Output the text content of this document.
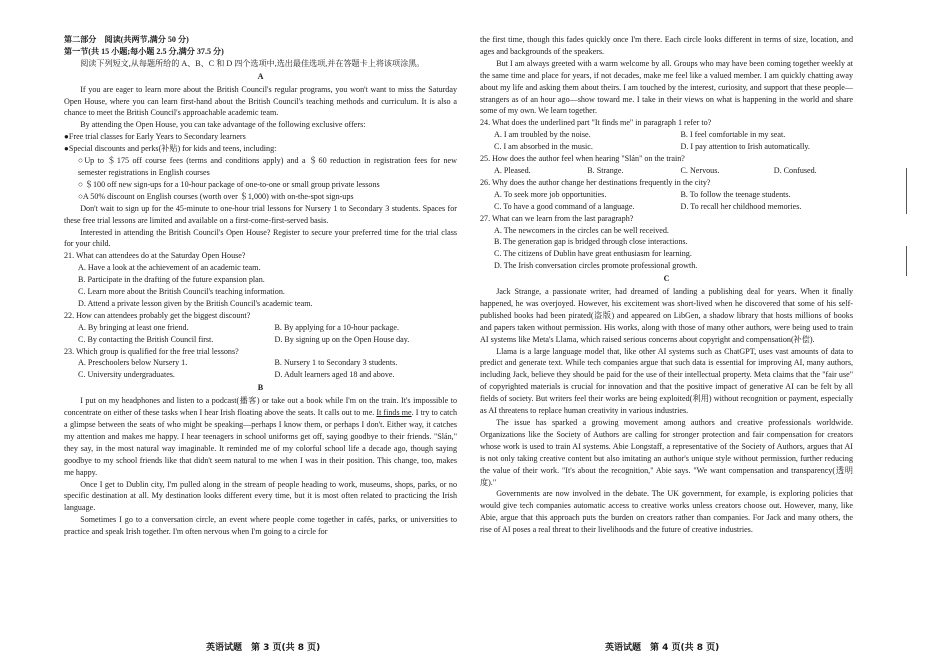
第二部分　阅读(共两节,满分 50 分)

第一节(共 15 小题;每小题 2.5 分,满分 37.5 分)

阅读下列短文,从每题所给的 A、B、C 和 D 四个选项中,选出最佳选项,并在答题卡上将该项涂黑。

A

If you are eager to learn more about the British Council's regular programs, you won't want to miss the Saturday Open House, where you can learn first-hand about the British Council's teaching methods and curriculum. It is also a chance to meet the British Council's approachable academic team.

By attending the Open House, you can take advantage of the following exclusive offers:

●Free trial classes for Early Years to Secondary learners

●Special discounts and perks(补贴) for kids and teens, including:

○Up to ＄175 off course fees (terms and conditions apply) and a ＄60 reduction in registration fees for new semester registrations in English courses

○ ＄100 off new sign-ups for a 10-hour package of one-to-one or small group private lessons

○A 50% discount on English courses (worth over ＄1,000) with on-the-spot sign-ups

Don't wait to sign up for the 45-minute to one-hour trial lessons for Nursery 1 to Secondary 3 students. Spaces for these free trial lessons are limited and available on a first-come-first-served basis.

Interested in attending the British Council's Open House? Register to secure your preferred time for the trial class for your child.

21. What can attendees do at the Saturday Open House?

A. Have a look at the achievement of an academic team.

B. Participate in the drafting of the future expansion plan.

C. Learn more about the British Council's teaching information.

D. Attend a private lesson given by the British Council's academic team.

22. How can attendees probably get the biggest discount?

A. By bringing at least one friend.	B. By applying for a 10-hour package.
C. By contacting the British Council first.	D. By signing up on the Open House day.

23. Which group is qualified for the free trial lessons?

A. Preschoolers below Nursery 1.	B. Nursery 1 to Secondary 3 students.
C. University undergraduates.	D. Adult learners aged 18 and above.

B

I put on my headphones and listen to a podcast(播客) or take out a book while I'm on the train. It's impossible to concentrate on either of these tasks when I hear Irish floating above the seats. It calls out to me. It finds me. I try to catch a glimpse between the seats of who might be speaking—perhaps I know them, or perhaps I don't. Either way, it catches my attention and makes me happy. I hear teenagers in school uniforms get off, saying goodbye to their friends. "Slán," they say, in the most natural way imaginable. It reminded me of my colorful school life a decade ago, though saying goodbye to my school friends like that didn't seem natural to me when I was in their position. This change, too, makes me happy.

Once I get to Dublin city, I'm pulled along in the stream of people heading to work, museums, shops, parks, or no specific destination at all. My destination looks different every time, but it is most often related to practicing the Irish language.

Sometimes I go to a conversation circle, an event where people come together in cafés, parks, or universities to practice and speak Irish together. I'm often nervous when I'm going to a circle for

the first time, though this fades quickly once I'm there. Each circle looks different in terms of size, location, and ages and backgrounds of the speakers.

But I am always greeted with a warm welcome by all. Groups who may have been coming together weekly at the same time and place for years, if not decades, make me feel like a valued member. I am quickly chatting away about my life and asking them about theirs. I am touched by the interest, curiosity, and support that these people—strangers as of an hour ago—show toward me. I take in their views on what is happening in the world and share some of my own. We learn together.

24. What does the underlined part "It finds me" in paragraph 1 refer to?

A. I am troubled by the noise.	B. I feel comfortable in my seat.
C. I am absorbed in the music.	D. I pay attention to Irish automatically.

25. How does the author feel when hearing "Slán" on the train?

A. Pleased.	B. Strange.	C. Nervous.	D. Confused.

26. Why does the author change her destinations frequently in the city?

A. To seek more job opportunities.	B. To follow the teenage students.
C. To have a good command of a language.	D. To recall her childhood memories.

27. What can we learn from the last paragraph?

A. The newcomers in the circles can be well received.

B. The generation gap is bridged through close interactions.

C. The citizens of Dublin have great enthusiasm for learning.

D. The Irish conversation circles promote professional growth.

C

Jack Strange, a passionate writer, had dreamed of landing a publishing deal for years. When it finally happened, he was overjoyed. However, his excitement was short-lived when he discovered that some of his self-published books had been pirated(盗版) and appeared on LibGen, a shadow library that hosts millions of books and papers taken without permission. His works, along with those of many other authors, were being used to train AI systems like Meta's Llama, which raised serious concerns about copyright and compensation(补偿).

Llama is a large language model that, like other AI systems such as ChatGPT, uses vast amounts of data to predict and generate text. While tech companies argue that such data is essential for improving AI, many authors, including Jack, believe they should be paid for the use of their intellectual property. Meta claims that the "fair use" of copyrighted materials is crucial for innovation and that the positive impact of generative AI can be felt by all fields of society. But writers feel their works are being exploited(利用) without recognition or payment, especially as AI threatens to replace human creativity in various industries.

The issue has sparked a growing movement among authors and creative professionals worldwide. Organizations like the Society of Authors are calling for stronger protection and fair compensation for creators whose work is used to train AI systems. Abie Longstaff, a representative of the Society of Authors, argues that AI is not only taking creative content but also imitating an author's unique style without permission, further reducing the value of their work. "It's about the recognition," Abie says. "We want compensation and transparency(透明度)."

Governments are now involved in the debate. The UK government, for example, is exploring policies that would give tech companies automatic access to creative works unless creators choose out. However, many, like Abie, argue that this approach puts the burden on creators rather than companies. For Jack and many others, the rise of AI poses a real threat to their livelihoods and the future of creative industries.

英语试题　第 3 页(共 8 页)	英语试题　第 4 页(共 8 页)
